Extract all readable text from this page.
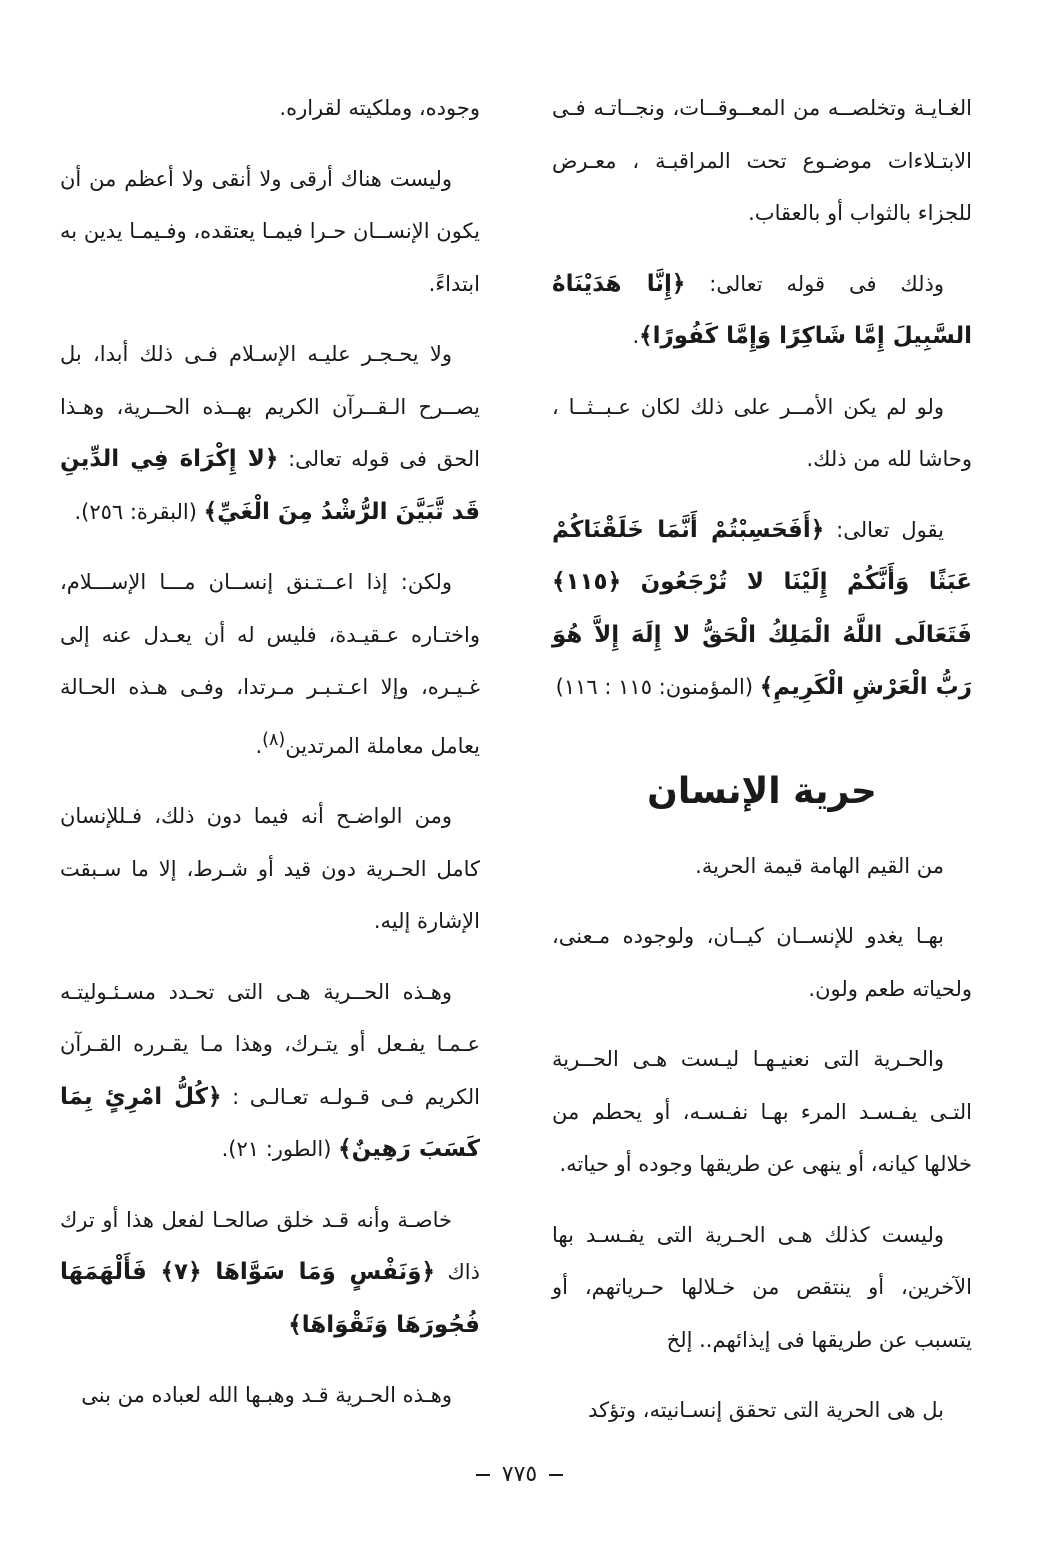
الغـايـة وتخلصــه من المعــوقــات، ونجــاتـه فـى الابتـلاءات موضـوع تحت المراقبـة ، معـرض للجزاء بالثواب أو بالعقاب.

وذلك فى قوله تعالى: ﴿إِنَّا هَدَيْنَاهُ السَّبِيلَ إِمَّا شَاكِرًا وَإِمَّا كَفُورًا﴾.

ولو لم يكن الأمــر على ذلك لكان عـبــثــا ، وحاشا لله من ذلك.

يقول تعالى: ﴿أَفَحَسِبْتُمْ أَنَّمَا خَلَقْنَاكُمْ عَبَثًا وَأَنَّكُمْ إِلَيْنَا لا تُرْجَعُونَ ﴿١١٥﴾ فَتَعَالَى اللَّهُ الْمَلِكُ الْحَقُّ لا إِلَهَ إِلاَّ هُوَ رَبُّ الْعَرْشِ الْكَرِيمِ﴾ (المؤمنون: ١١٥ : ١١٦)

حرية الإنسان

من القيم الهامة قيمة الحرية.

بهـا يغدو للإنســان كيــان، ولوجوده مـعنى، ولحياته طعم ولون.

والحـرية التى نعنيـهـا ليـست هـى الحــرية التـى يفـسـد المرء بهـا نفـسـه، أو يحطم من خلالها كيانه، أو ينهى عن طريقها وجوده أو حياته.

وليست كذلك هـى الحـرية التى يفـسـد بها الآخرين، أو ينتقص من خـلالها حـرياتهم، أو يتسبب عن طريقها فى إيذائهم.. إلخ

بل هى الحرية التى تحقق إنسـانيته، وتؤكد

وجوده، وملكيته لقراره.

وليست هناك أرقى ولا أنقى ولا أعظم من أن يكون الإنســان حـرا فيمـا يعتقده، وفـيمـا يدين به ابتداءً.

ولا يحـجـر عليـه الإسـلام فـى ذلك أبدا، بل يصــرح الـقــرآن الكريم بهــذه الحــرية، وهـذا الحق فى قوله تعالى: ﴿لا إِكْرَاهَ فِي الدِّينِ قَد تَّبَيَّنَ الرُّشْدُ مِنَ الْغَيِّ﴾ (البقرة: ٢٥٦).

ولكن: إذا اعــتـنق إنســان مـــا الإســـلام، واختـاره عـقيـدة، فليس له أن يعـدل عنه إلى غـيـره، وإلا اعـتـبـر مـرتدا، وفـى هـذه الحـالة يعامل معاملة المرتدين$^{(٨)}$.

ومن الواضـح أنه فيما دون ذلك، فـللإنسان كامل الحـرية دون قيد أو شـرط، إلا ما سـبقت الإشارة إليه.

وهـذه الحــرية هـى التى تحـدد مسـئـوليتـه عـمـا يفـعل أو يتـرك، وهذا مـا يقـرره القـرآن الكريم فـى قـولـه تعـالـى : ﴿كُلُّ امْرِئٍ بِمَا كَسَبَ رَهِينٌ﴾ (الطور: ٢١).

خاصـة وأنه قـد خلق صالحـا لفعل هذا أو ترك ذاك ﴿وَنَفْسٍ وَمَا سَوَّاهَا ﴿٧﴾ فَأَلْهَمَهَا فُجُورَهَا وَتَقْوَاهَا﴾

وهـذه الحـرية قـد وهبـها الله لعباده من بنى

٧٧٥
